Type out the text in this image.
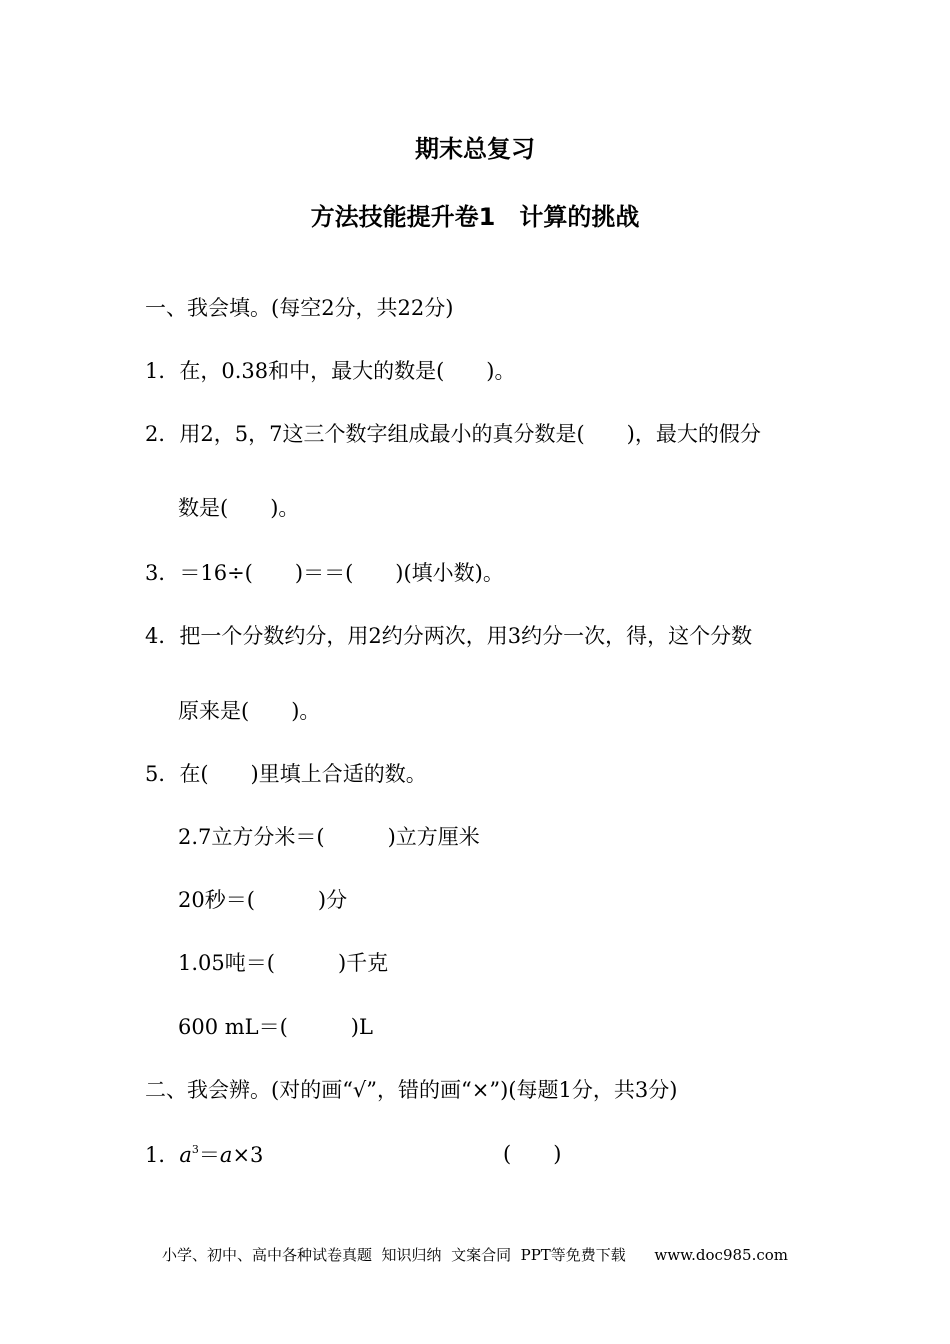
期末总复习
方法技能提升卷1　计算的挑战
一、我会填。(每空2分，共22分)
1．在，0.38和中，最大的数是(　　)。
2．用2，5，7这三个数字组成最小的真分数是(　　)，最大的假分
数是(　　)。
3．＝16÷(　　)＝＝(　　)(填小数)。
4．把一个分数约分，用2约分两次，用3约分一次，得，这个分数
原来是(　　)。
5．在(　　)里填上合适的数。
2.7立方分米＝(　　　)立方厘米
20秒＝(　　　)分
1.05吨＝(　　　)千克
600 mL＝(　　　)L
二、我会辨。(对的画“√”，错的画“×”)(每题1分，共3分)
1．$a^3=a\times 3$	(　　)
小学、初中、高中各种试卷真题  知识归纳  文案合同  PPT等免费下载      www.doc985.com
